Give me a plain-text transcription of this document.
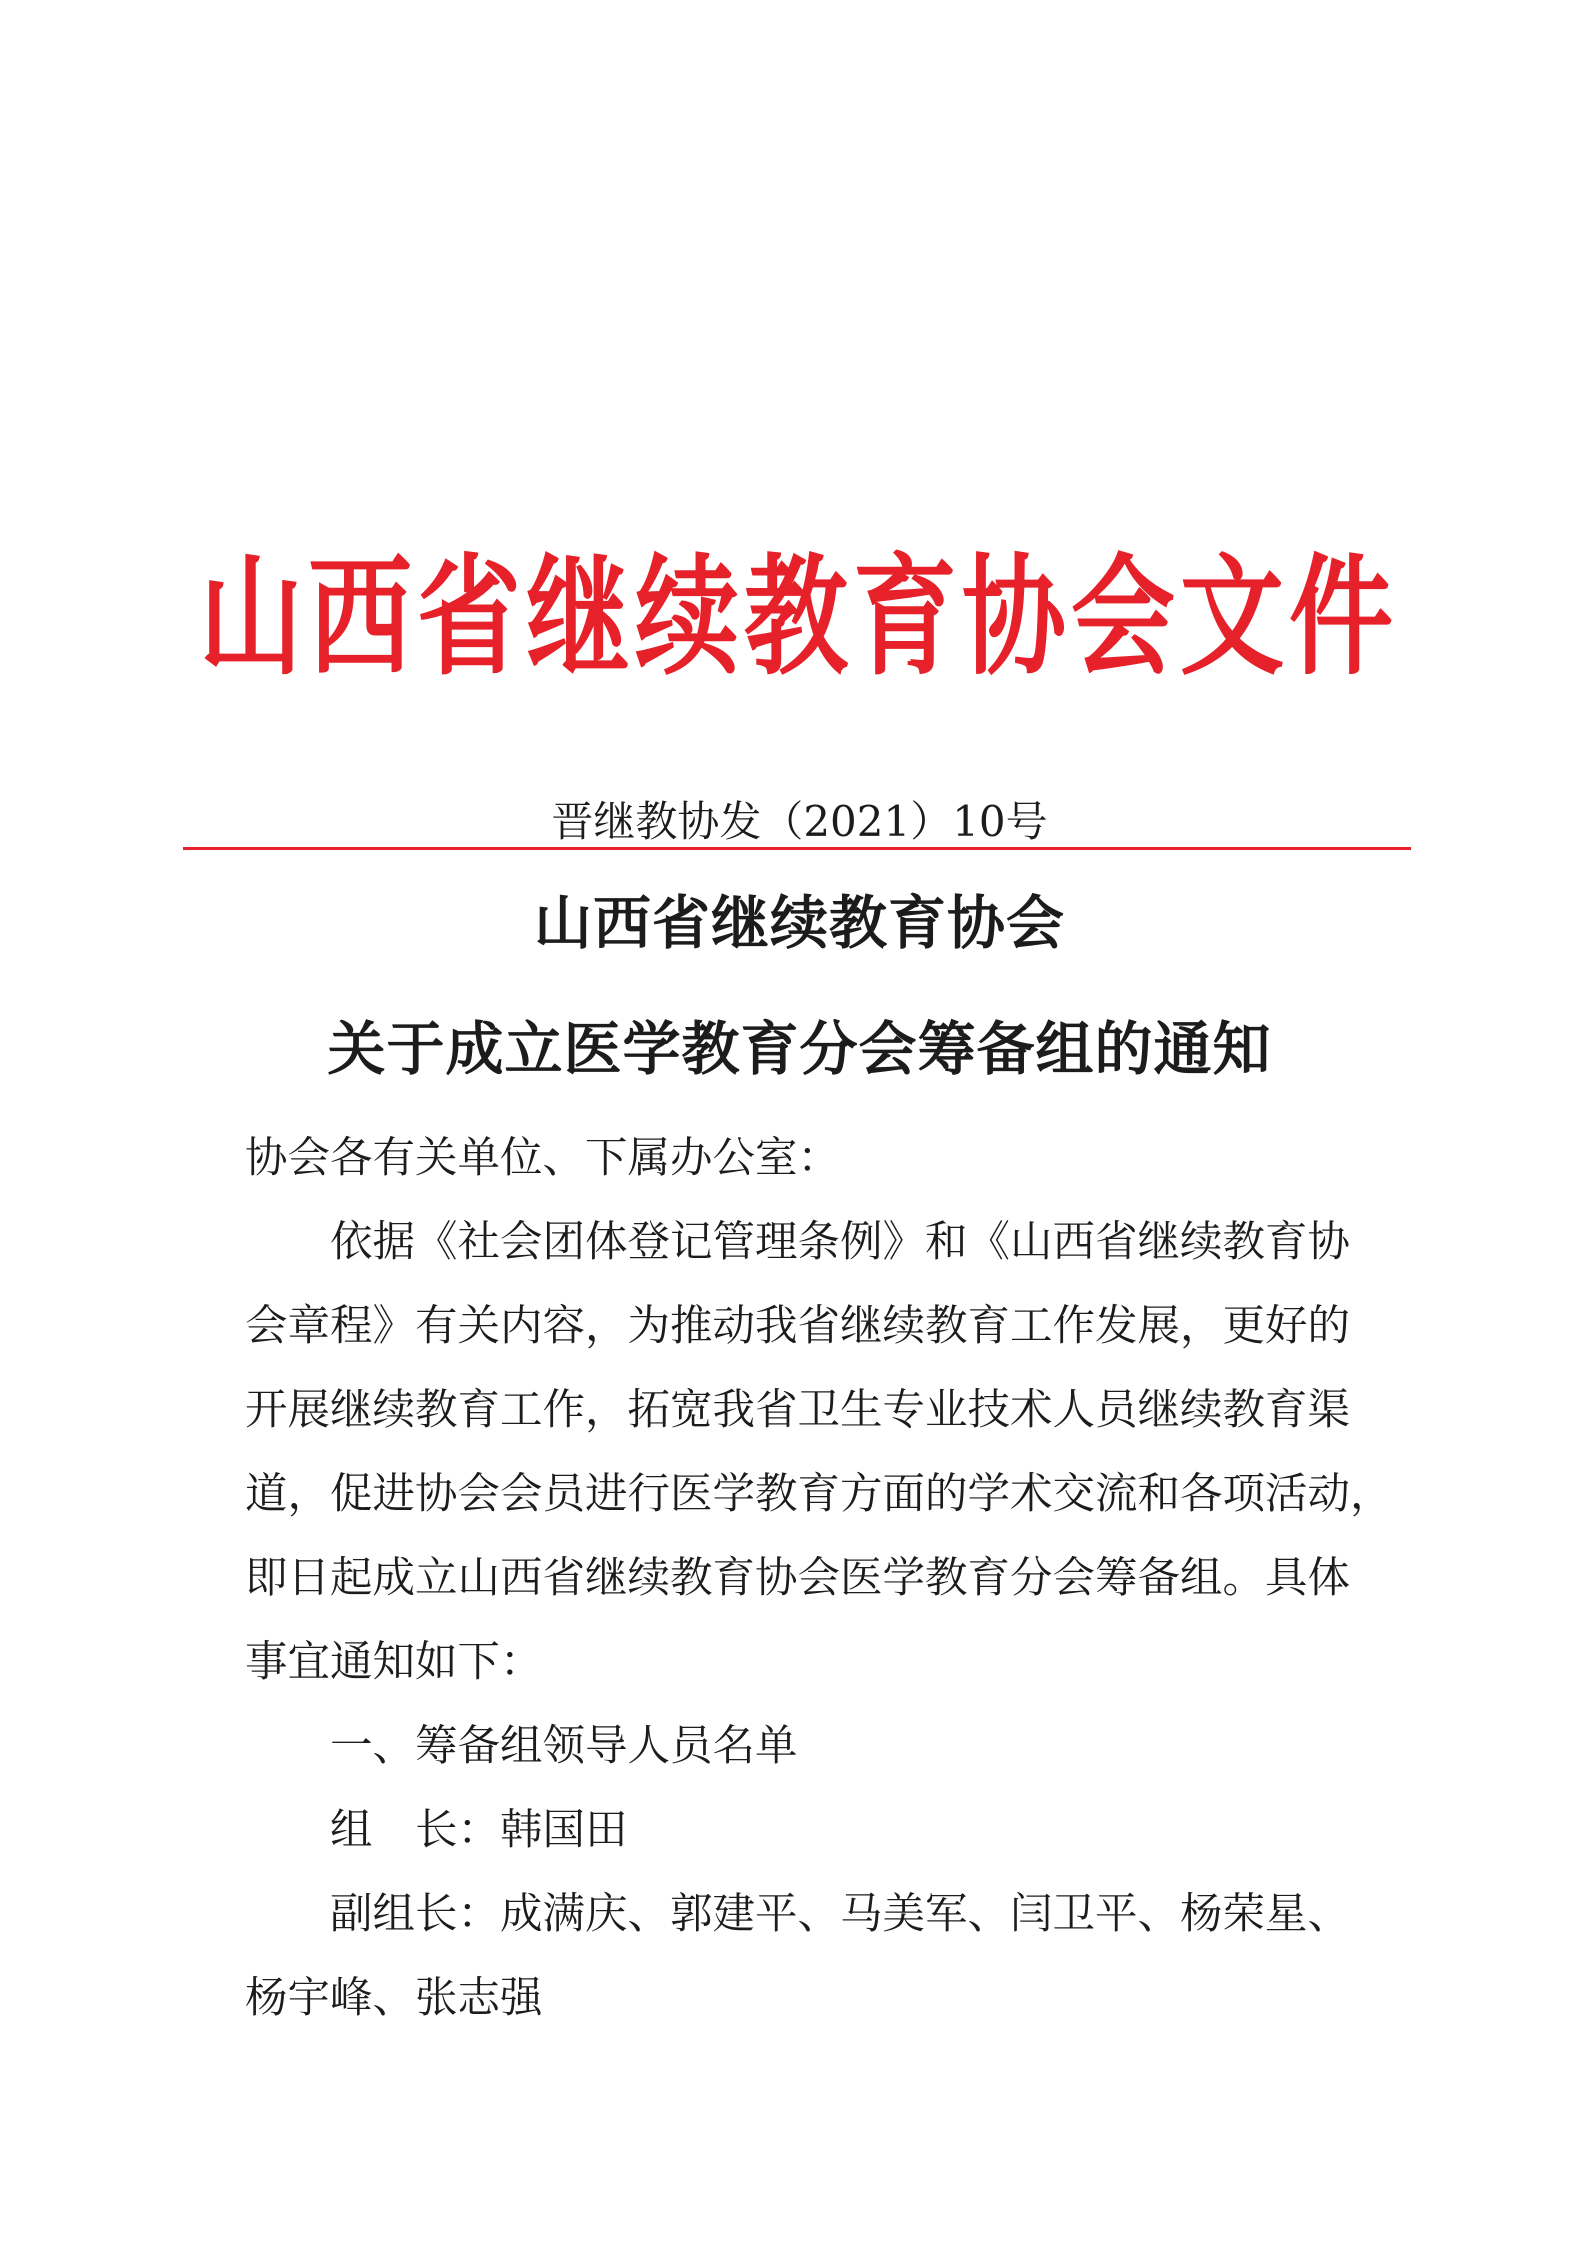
山西省继续教育协会文件
晋继教协发（2021）10号
山西省继续教育协会
关于成立医学教育分会筹备组的通知
协会各有关单位、下属办公室：
依据《社会团体登记管理条例》和《山西省继续教育协
会章程》有关内容，为推动我省继续教育工作发展，更好的
开展继续教育工作，拓宽我省卫生专业技术人员继续教育渠
道，促进协会会员进行医学教育方面的学术交流和各项活动，
即日起成立山西省继续教育协会医学教育分会筹备组。具体
事宜通知如下：
一、筹备组领导人员名单
组　长：韩国田
副组长：成满庆、郭建平、马美军、闫卫平、杨荣星、
杨宇峰、张志强
